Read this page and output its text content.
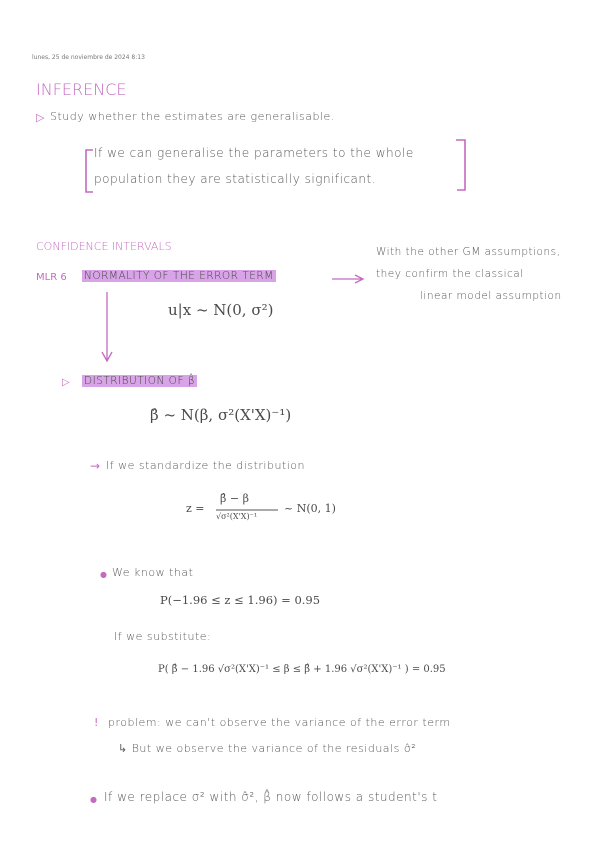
lunes, 25 de noviembre de 2024 8:13
INFERENCE
▷ Study whether the estimates are generalisable.
If we can generalise the parameters to the whole
population they are statistically significant.
CONFIDENCE INTERVALS
MLR 6 NORMALITY OF THE ERROR TERM
With the other GM assumptions,
they confirm the classical
linear model assumption
u|x ~ N(0, σ²)
▷ DISTRIBUTION OF β̂
β̂ ~ N(β, σ²(X'X)⁻¹)
→ If we standardize the distribution
z =
β̂ − β
√σ²(X'X)⁻¹
~ N(0, 1)
● We know that
P(−1.96 ≤ z ≤ 1.96) = 0.95
If we substitute:
P( β̂ − 1.96 √σ²(X'X)⁻¹ ≤ β ≤ β̂ + 1.96 √σ²(X'X)⁻¹ ) = 0.95
! problem: we can't observe the variance of the error term
↳ But we observe the variance of the residuals σ̂²
● If we replace σ² with σ̂², β̂ now follows a student's t
